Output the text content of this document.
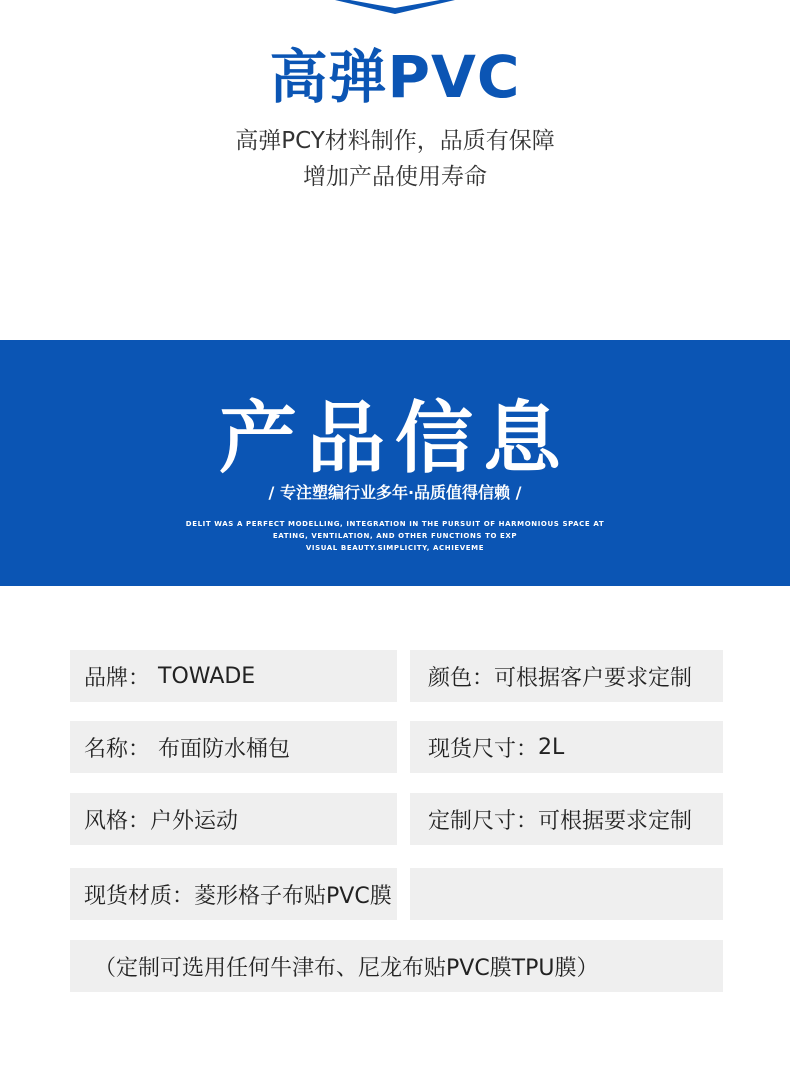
高弹PVC
高弹PCY材料制作，品质有保障
增加产品使用寿命
产品信息
/ 专注塑编行业多年·品质值得信赖 /
DELIT WAS A PERFECT MODELLING, INTEGRATION IN THE PURSUIT OF HARMONIOUS SPACE AT
EATING, VENTILATION, AND OTHER FUNCTIONS TO EXP
VISUAL BEAUTY.SIMPLICITY, ACHIEVEME
品牌： TOWADE	颜色： 可根据客户要求定制
名称： 布面防水桶包	现货尺寸： 2L
风格： 户外运动	定制尺寸： 可根据要求定制
现货材质： 菱形格子布贴PVC膜
（定制可选用任何牛津布、尼龙布贴PVC膜TPU膜）
